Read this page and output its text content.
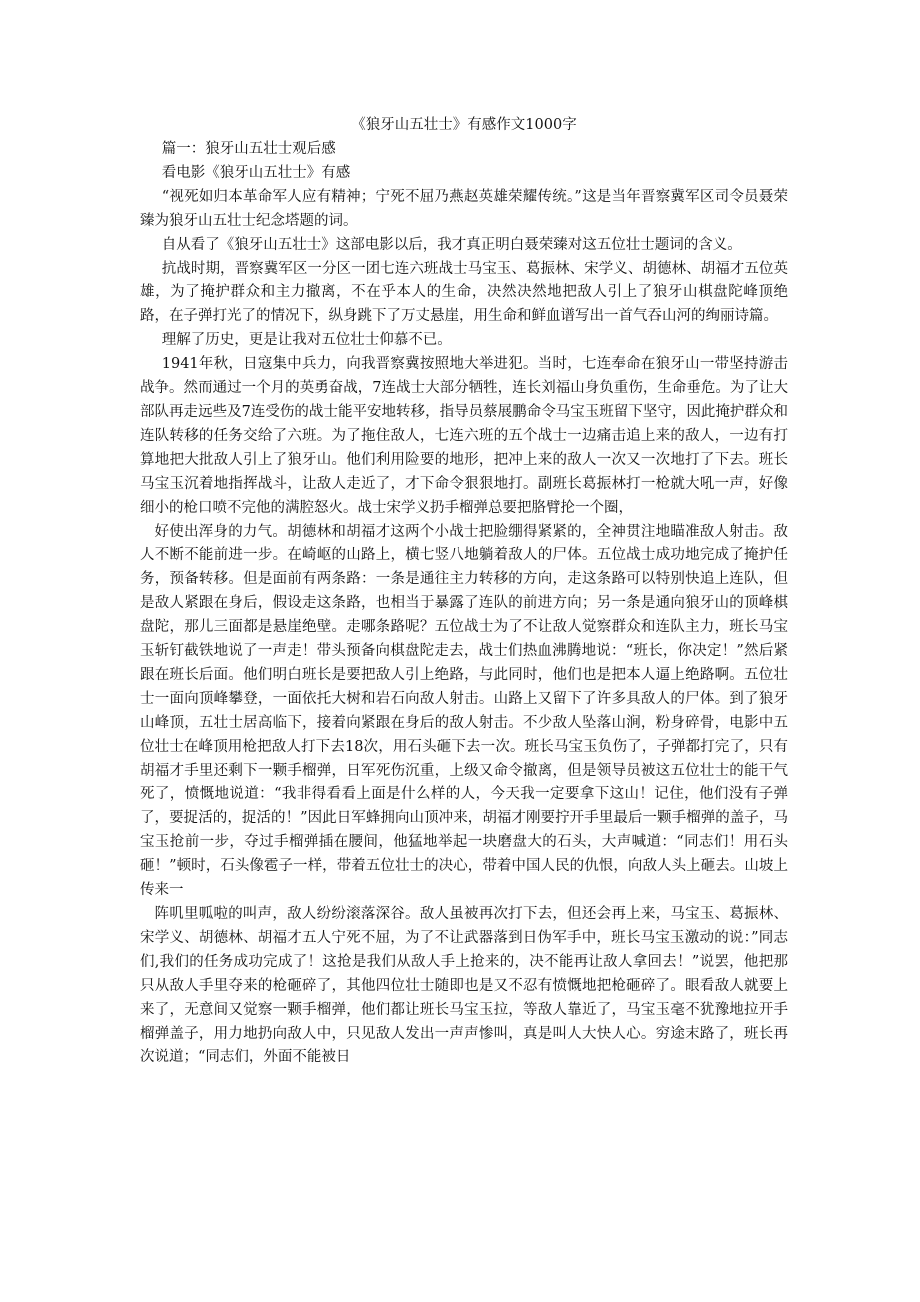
《狼牙山五壮士》有感作文1000字

篇一：狼牙山五壮士观后感

看电影《狼牙山五壮士》有感

“视死如归本革命军人应有精神；宁死不屈乃燕赵英雄荣耀传统。”这是当年晋察冀军区司令员聂荣臻为狼牙山五壮士纪念塔题的词。

自从看了《狼牙山五壮士》这部电影以后，我才真正明白聂荣臻对这五位壮士题词的含义。

抗战时期，晋察冀军区一分区一团七连六班战士马宝玉、葛振林、宋学义、胡德林、胡福才五位英雄，为了掩护群众和主力撤离，不在乎本人的生命，决然决然地把敌人引上了狼牙山棋盘陀峰顶绝路，在子弹打光了的情况下，纵身跳下了万丈悬崖，用生命和鲜血谱写出一首气吞山河的绚丽诗篇。

理解了历史，更是让我对五位壮士仰慕不已。

1941年秋，日寇集中兵力，向我晋察冀按照地大举进犯。当时，七连奉命在狼牙山一带坚持游击战争。然而通过一个月的英勇奋战，7连战士大部分牺牲，连长刘福山身负重伤，生命垂危。为了让大部队再走远些及7连受伤的战士能平安地转移，指导员蔡展鹏命令马宝玉班留下坚守，因此掩护群众和连队转移的任务交给了六班。为了拖住敌人，七连六班的五个战士一边痛击追上来的敌人，一边有打算地把大批敌人引上了狼牙山。他们利用险要的地形，把冲上来的敌人一次又一次地打了下去。班长马宝玉沉着地指挥战斗，让敌人走近了，才下命令狠狠地打。副班长葛振林打一枪就大吼一声，好像细小的枪口喷不完他的满腔怒火。战士宋学义扔手榴弹总要把胳臂抡一个圈，

好使出浑身的力气。胡德林和胡福才这两个小战士把脸绷得紧紧的，全神贯注地瞄准敌人射击。敌人不断不能前进一步。在崎岖的山路上，横七竖八地躺着敌人的尸体。五位战士成功地完成了掩护任务，预备转移。但是面前有两条路：一条是通往主力转移的方向，走这条路可以特别快追上连队，但是敌人紧跟在身后，假设走这条路，也相当于暴露了连队的前进方向；另一条是通向狼牙山的顶峰棋盘陀，那儿三面都是悬崖绝壁。走哪条路呢？五位战士为了不让敌人觉察群众和连队主力，班长马宝玉斩钉截铁地说了一声走！带头预备向棋盘陀走去，战士们热血沸腾地说：“班长，你决定！”然后紧跟在班长后面。他们明白班长是要把敌人引上绝路，与此同时，他们也是把本人逼上绝路啊。五位壮士一面向顶峰攀登，一面依托大树和岩石向敌人射击。山路上又留下了许多具敌人的尸体。到了狼牙山峰顶，五壮士居高临下，接着向紧跟在身后的敌人射击。不少敌人坠落山涧，粉身碎骨，电影中五位壮士在峰顶用枪把敌人打下去18次，用石头砸下去一次。班长马宝玉负伤了，子弹都打完了，只有胡福才手里还剩下一颗手榴弹，日军死伤沉重，上级又命令撤离，但是领导员被这五位壮士的能干气死了，愤慨地说道：“我非得看看上面是什么样的人，今天我一定要拿下这山！记住，他们没有子弹了，要捉活的，捉活的！”因此日军蜂拥向山顶冲来，胡福才刚要拧开手里最后一颗手榴弹的盖子，马宝玉抢前一步，夺过手榴弹插在腰间，他猛地举起一块磨盘大的石头，大声喊道：“同志们！用石头砸！”顿时，石头像雹子一样，带着五位壮士的决心，带着中国人民的仇恨，向敌人头上砸去。山坡上传来一

阵叽里呱啦的叫声，敌人纷纷滚落深谷。敌人虽被再次打下去，但还会再上来，马宝玉、葛振林、宋学义、胡德林、胡福才五人宁死不屈，为了不让武器落到日伪军手中，班长马宝玉激动的说：”同志们,我们的任务成功完成了！这抢是我们从敌人手上抢来的，决不能再让敌人拿回去！”说罢，他把那只从敌人手里夺来的枪砸碎了，其他四位壮士随即也是又不忍有愤慨地把枪砸碎了。眼看敌人就要上来了，无意间又觉察一颗手榴弹，他们都让班长马宝玉拉，等敌人靠近了，马宝玉毫不犹豫地拉开手榴弹盖子，用力地扔向敌人中，只见敌人发出一声声惨叫，真是叫人大快人心。穷途末路了，班长再次说道；“同志们，外面不能被日
